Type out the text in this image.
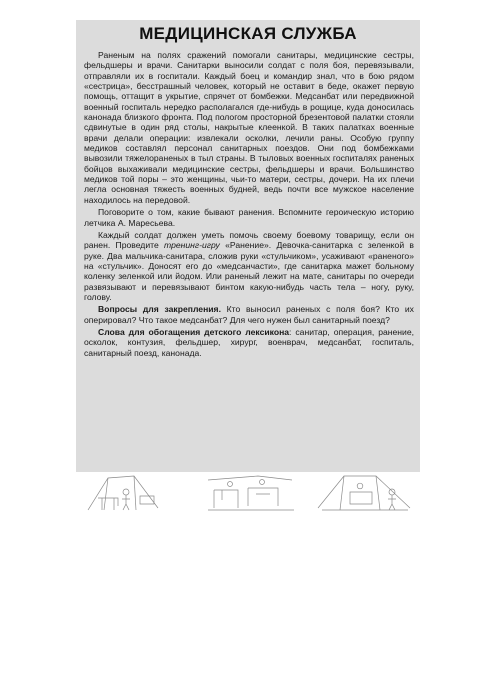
МЕДИЦИНСКАЯ СЛУЖБА

Раненым на полях сражений помогали санитары, медицинские сестры, фельдшеры и врачи. Санитарки выносили солдат с поля боя, перевязывали, отправляли их в госпитали. Каждый боец и командир знал, что в бою рядом «сестрица», бесстрашный человек, который не оставит в беде, окажет первую помощь, оттащит в укрытие, спрячет от бомбежки. Медсанбат или передвижной военный госпиталь нередко располагался где-нибудь в рощице, куда доносилась канонада близкого фронта. Под пологом просторной брезентовой палатки стояли сдвинутые в один ряд столы, накрытые клеенкой. В таких палатках военные врачи делали операции: извлекали осколки, лечили раны. Особую группу медиков составлял персонал санитарных поездов. Они под бомбежками вывозили тяжелораненых в тыл страны. В тыловых военных госпиталях раненых бойцов выхаживали медицинские сестры, фельдшеры и врачи. Большинство медиков той поры – это женщины, чьи-то матери, сестры, дочери. На их плечи легла основная тяжесть военных будней, ведь почти все мужское население находилось на передовой.

Поговорите о том, какие бывают ранения. Вспомните героическую историю летчика А. Маресьева.

Каждый солдат должен уметь помочь своему боевому товарищу, если он ранен. Проведите тренинг-игру «Ранение». Девочка-санитарка с зеленкой в руке. Два мальчика-санитара, сложив руки «стульчиком», усаживают «раненого» на «стульчик». Доносят его до «медсанчасти», где санитарка мажет больному коленку зеленкой или йодом. Или раненый лежит на мате, санитары по очереди развязывают и перевязывают бинтом какую-нибудь часть тела – ногу, руку, голову.

Вопросы для закрепления. Кто выносил раненых с поля боя? Кто их оперировал? Что такое медсанбат? Для чего нужен был санитарный поезд?

Слова для обогащения детского лексикона: санитар, операция, ранение, осколок, контузия, фельдшер, хирург, военврач, медсанбат, госпиталь, санитарный поезд, канонада.
